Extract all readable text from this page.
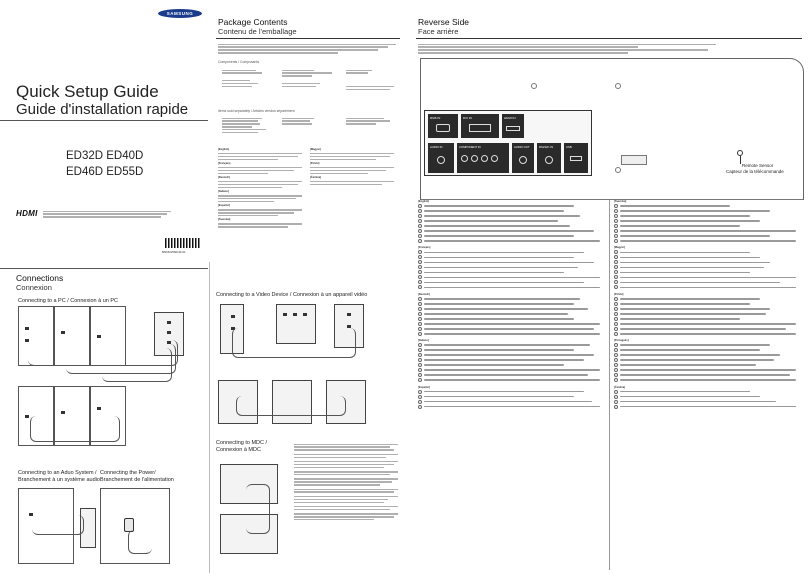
SAMSUNG
Quick Setup Guide
Guide d'installation rapide
HDMI
BN68-05601M-01
Package Contents
Contenu de l'emballage
Components / Composants
Items sold separately / Articles vendus séparément
[English]
[Français]
[Deutsch]
[Italiano]
[Español]
[Svenska]
[Magyar]
[Polski]
[Čeština]
ED32D ED40D
ED46D ED55D
Reverse Side
Face arrière
RGB IN	DVI IN	HDMI IN
AUDIO IN	COMPONENT IN	AUDIO OUT	RS232C IN	USB
Remote Sensor
Capteur de la télécommande
[English]
[Français]
[Deutsch]
[Italiano]
[Español]
[Svenska]
[Magyar]
[Polski]
[Português]
[Čeština]
Connections
Connexion
Connecting to a PC / Connexion à un PC
Connecting to an Aduo System /
Branchement à un système audio
Connecting the Power/
Branchement de l'alimentation
Connecting to a Video Device / Connexion à un appareil vidéo
Connecting to MDC /
Connexion à MDC
